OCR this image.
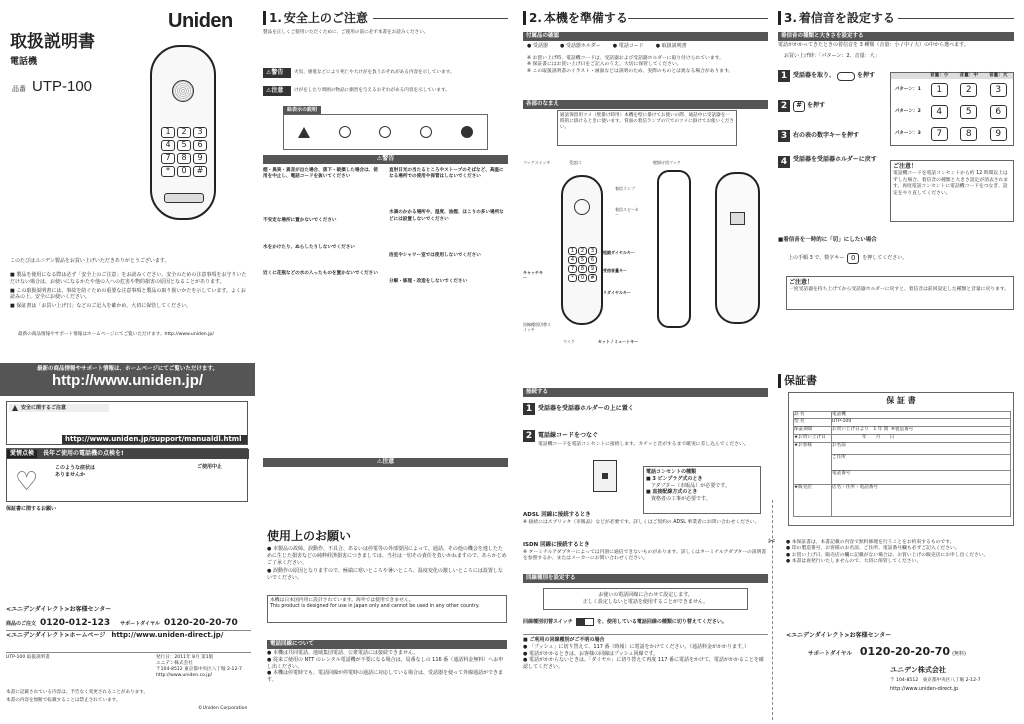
Uniden
取扱説明書
電話機
品番 UTP-100
1	2	3
4	5	6
7	8	9
*	0	#
このたびはユニデン製品をお買い上げいただきありがとうございます。
■ 製品を使用になる際は必ず「安全上のご注意」をお読みください。安全のための注意事項をお守りいただけない場合は、お使いになるかたや他の人への危害や物的損害の原因となることがあります。
■ この取扱説明書には、事故を防ぐための重要な注意事項と製品の取り扱いかたを示しています。よくお読みの上、安全にお使いください。
■ 保証書は「お買い上げ日」などのご記入を確かめ、大切に保管してください。
最新の商品情報やサポート情報はホームページにてご覧いただけます。http://www.uniden.jp/
最新の商品情報やサポート情報は、ホームページにてご覧いただけます。
http://www.uniden.jp/
安全に関するご注意
http://www.uniden.jp/support/manualdl.html
愛情点検	長年ご使用の電話機の点検を!
♡	このような症状はありませんか
ご使用中止
保証書に関するお願い
<ユニデンダイレクト>お客様センター
商品のご注文 0120-012-123 サポートダイヤル 0120-20-20-70
<ユニデンダイレクト>ホームページ http://www.uniden-direct.jp/
UTP-100 取扱説明書	発行日：2011年 8月 第1版
ユニデン株式会社
〒104-8512 東京都中央区八丁堀 2-12-7
http://www.uniden.co.jp/
本書に記載されている内容は、予告なく変更されることがあります。
本書の内容を無断で転載することは禁止されています。
©Uniden Corporation
1. 安全上のご注意
製品を正しくご使用いただくために、ご使用の前に必ず本書をお読みください。
⚠警告	火災、感電などにより死亡や大けがを負うおそれがある内容を示しています。
⚠注意	けがをしたり周囲の物品に損害を与えるおそれがある内容を示しています。
絵表示の説明
⚠警告
煙・異臭・異音が出た場合、落下・破損した場合は、使用を中止し、電話コードを抜いてください
不安定な場所に置かないでください
水をかけたり、ぬらしたりしないでください
近くに花瓶などの水の入ったものを置かないでください
直射日光の当たるところやストーブのそばなど、高温になる場所での使用や保管はしないでください
水滴のかかる場所や、湿度、油煙、ほこりの多い場所などには設置しないでください
浴室やシャワー室では使用しないでください
分解・修理・改造をしないでください
⚠注意
使用上のお願い
● 本製品の故障、誤動作、不具合、あるいは停電等の外部要因によって、通話、その他の機会を逸したために生じた損害などの純粋経済損害につきましては、当社は一切その責任を負いかねますので、あらかじめご了承ください。
● 誤動作の原因となりますので、極端に寒いところや暑いところ、温度変化の激しいところには設置しないでください。
本機は日本国内用に設計されています。海外では使用できません。
This product is designed for use in Japan only and cannot be used in any other country.
電話回線について
● 本機は共同電話、地域集団電話、公衆電話には接続できません。
● 従来ご使用の NTT のレンタル電話機が不要になる場合は、局番なしの 116 番（通話料金無料）へお申し出ください。
● 本機は停電時でも、電話回線が停電時の通話に対応している場合は、受話器を使って外線通話ができます。
2. 本機を準備する
付属品の確認
● 受話器 ● 受話器ホルダー ● 電話コード ● 取扱説明書
※ お買い上げ時、電話機コードは、受話器および受話器ホルダーに取り付けられています。
※ 保証書にはお買い上げ日をご記入のうえ、大切に保管してください。
※ この取扱説明書のイラスト・画面などは説明のため、実際のものとは異なる場合があります。
各部のなまえ
通話保留用ツメ（壁掛け時用）本機を壁に掛けてお使いの際、通話中に受話器を一時的に掛けるときに使います。背面の着信ランプの穴でのツメに掛けてお使いください。
1	2	3
4	5	6
7	8	9
*	0	#
フックスイッチ	受話口	壁掛け用フック
着信ランプ
着信スピーカー
短縮ダイヤルキー
受信音量キー
キャッチキー
リダイヤルキー
回線種別切替スイッチ
マイク	セット / ミュートキー
接続する
1 受話器を受話器ホルダーの上に置く
2 電話線コードをつなぐ
電話機コードを電話コンセントに接続します。カチッと音がするまで確実に差し込んでください。
電話コンセントの種類
■ 3 ピンプラグ式のとき
アダプター（市販品）が必要です。
■ 直接配線方式のとき
資格者の工事が必要です。
ADSL 回線に接続するとき
※ 接続にはスプリッタ（市販品）などが必要です。詳しくはご契約の ADSL 事業者にお問い合わせください。
ISDN 回線に接続するとき
※ ターミナルアダプターによっては円滑に通信できないものがあります。詳しくはターミナルアダプターの説明書を参照するか、またはメーカーにお問い合わせください。
回線種別を設定する
お使いの電話回線に合わせて設定します。
正しく設定しないと電話を使用することができません。
回線種別切替スイッチ	を、使用している電話回線の種類に切り替えてください。
■ ご利用の回線種別がご不明の場合
● 「プッシュ」に切り替えて、117 番（時報）に電話をかけてください。（通話料金がかかります。）
● 電話がかかるときは、お客様の回線はプッシュ回線です。
● 電話がかからないときは、「ダイヤル」に切り替えて再度 117 番に電話をかけて、電話がかかることを確認してください。
3. 着信音を設定する
着信音の種類と大きさを設定する
電話がかかってきたときの着信音を 3 種類（音量：小 / 中 / 大）の中から選べます。
お買い上げ時：「パターン：2、音量：大」
1 受話器を取り、	を押す
2	# を押す
3 右の表の数字キーを押す
4 受話器を受話器ホルダーに戻す
音量：小	音量：中	音量：大
パターン：1	1	2	3
パターン：2	4	5	6
パターン：3	7	8	9
ご注意！
電話機コードを電話コンセントから約 12 時間以上はずした場合、着信音の種類と大きさ設定が消去されます。再度電話コンセントに電話機コードをつなぎ、設定をやり直してください。
■着信音を一時的に「切」にしたい場合
上の手順 3 で、数字キー 0	を押してください。
ご注意！
一度受話器を持ち上げてから受話器ホルダーに戻すと、着信音は前回設定した種類と音量に戻ります。
保証書
保 証 書
※製造番号
品 名	電話機
型 名	UTP-100
保証期間	お買い上げ日より　1 年 間
★お買い上げ日	年　　月　　日
★お客様	お名前
ご住所
電話番号
★販売店	店名・住所・電話番号
● 本保証書は、本書記載の内容で無料修理を行うことをお約束するものです。
● 印の製造番号、お客様のお名前、ご住所、電話番号欄も必ずご記入ください。
● お買い上げ日、販売店の欄に記載がない場合は、お買い上げの販売店にお申し出ください。
● 本書は再発行いたしませんので、大切に保管してください。
<ユニデンダイレクト>お客様センター
サポートダイヤル 0120-20-20-70 (無料)
ユニデン株式会社
〒 104-8512　東京都中央区八丁堀 2-12-7
http://www.uniden-direct.jp
✂
